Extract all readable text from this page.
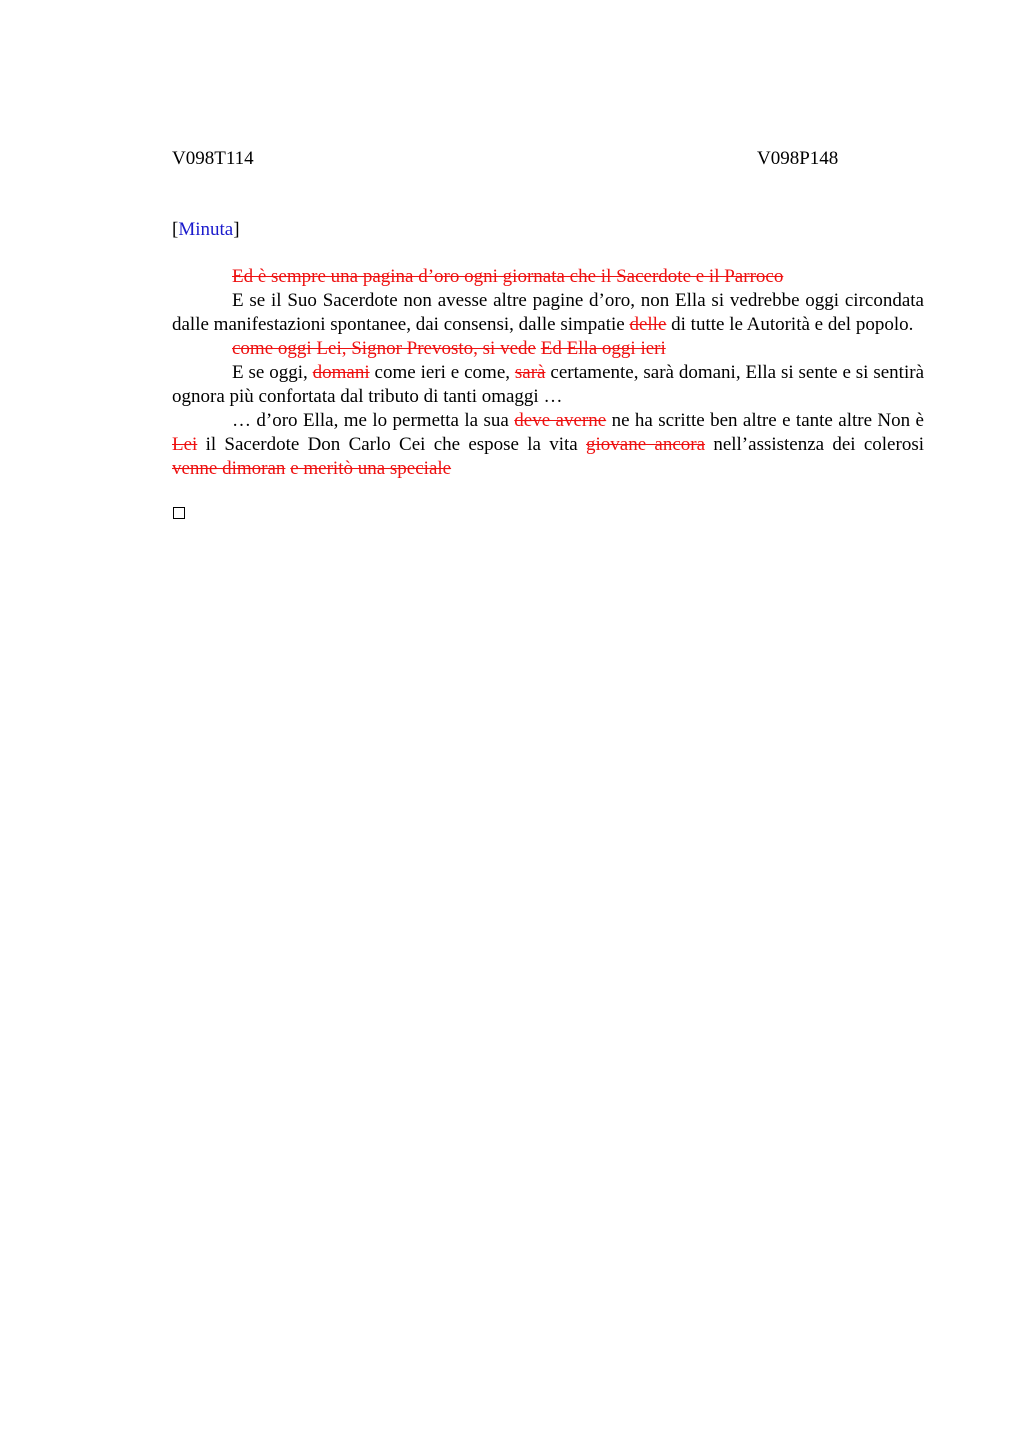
V098T114	V098P148
[Minuta]

Ed è sempre una pagina d’oro ogni giornata che il Sacerdote e il Parroco

E se il Suo Sacerdote non avesse altre pagine d’oro, non Ella si vedrebbe oggi circondata dalle manifestazioni spontanee, dai consensi, dalle simpatie delle di tutte le Autorità e del popolo.

come oggi Lei, Signor Prevosto, si vede Ed Ella oggi ieri

E se oggi, domani come ieri e come, sarà certamente, sarà domani, Ella si sente e si sentirà ognora più confortata dal tributo di tanti omaggi …

… d’oro Ella, me lo permetta la sua deve averne ne ha scritte ben altre e tante altre Non è Lei il Sacerdote Don Carlo Cei che espose la vita giovane ancora nell’assistenza dei colerosi venne dimoran e meritò una speciale
